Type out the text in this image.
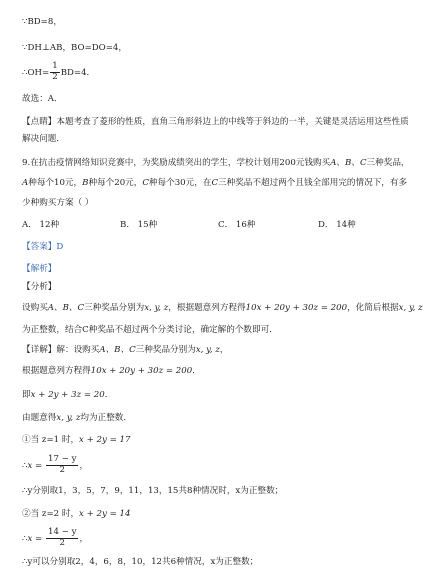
∵BD=8，
∵DH⊥AB，BO=DO=4，
∴OH= $\frac{1}{2} BD=4$．
故选：A．
【点睛】本题考查了菱形的性质，直角三角形斜边上的中线等于斜边的一半，关键是灵活运用这些性质解决问题．
9.在抗击疫情网络知识竞赛中，为奖励成绩突出的学生，学校计划用200元钱购买A、B、C三种奖品，A种每个10元，B种每个20元，C种每个30元，在C三种奖品不超过两个且钱全部用完的情况下，有多少种购买方案（ ）
A． 12种	B． 15种	C． 16种	D． 14种
【答案】D
【解析】
【分析】
设购买A、B、C三种奖品分别为x, y, z，根据题意列方程得10x + 20y + 30z = 200，化简后根据x, y, z
为正整数，结合C种奖品不超过两个分类讨论，确定解的个数即可．
【详解】解：设购买A、B、C三种奖品分别为x, y, z，
根据题意列方程得10x + 20y + 30z = 200．
即x + 2y + 3z = 20．
由题意得x, y, z均为正整数．
①当 z=1 时，x + 2y = 17
∴x = $\frac{17 - y}{2}$ ，
∴y分别取1，3，5，7，9，11，13，15共8种情况时，x为正整数；
②当 z=2 时，x + 2y = 14
∴x = $\frac{14 - y}{2}$ ，
∴y可以分别取2，4，6，8，10，12共6种情况，x为正整数；
